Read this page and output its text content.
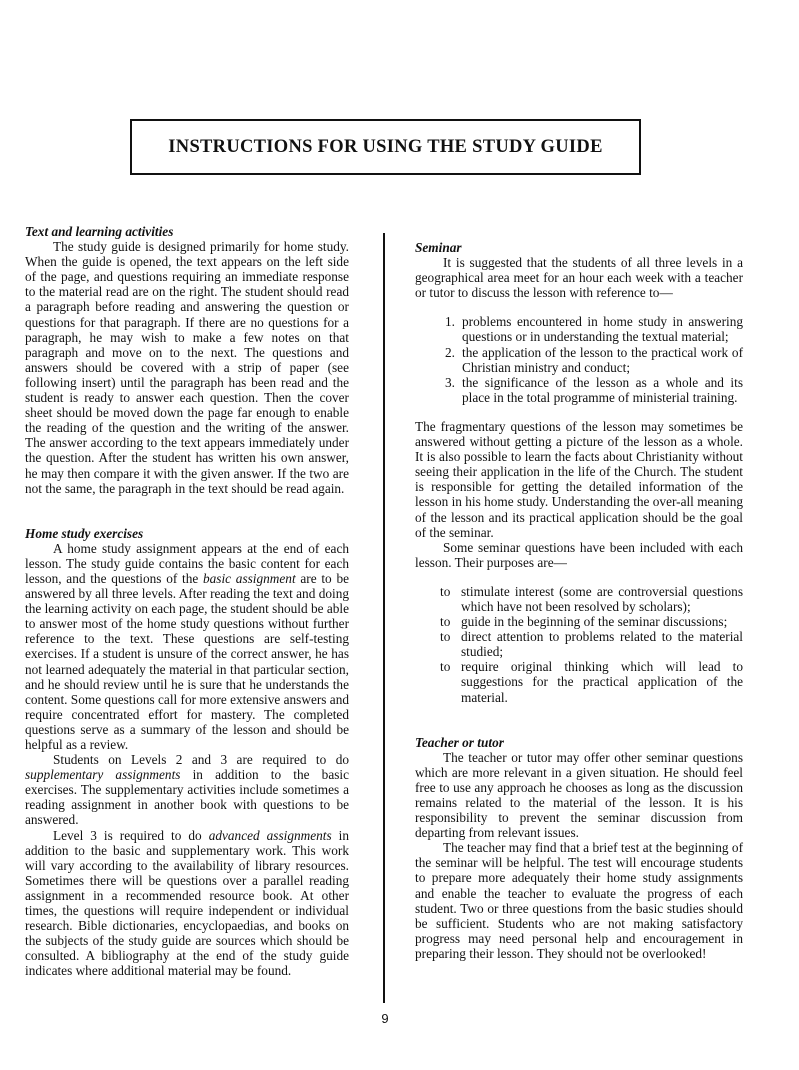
INSTRUCTIONS FOR USING THE STUDY GUIDE
Text and learning activities

The study guide is designed primarily for home study. When the guide is opened, the text appears on the left side of the page, and questions requiring an immediate response to the material read are on the right. The student should read a paragraph before reading and answering the question or questions for that paragraph. If there are no questions for a paragraph, he may wish to make a few notes on that paragraph and move on to the next. The questions and answers should be covered with a strip of paper (see following insert) until the paragraph has been read and the student is ready to answer each question. Then the cover sheet should be moved down the page far enough to enable the reading of the question and the writing of the answer. The answer according to the text appears immediately under the question. After the student has written his own answer, he may then compare it with the given answer. If the two are not the same, the paragraph in the text should be read again.

Home study exercises

A home study assignment appears at the end of each lesson. The study guide contains the basic content for each lesson, and the questions of the basic assignment are to be answered by all three levels. After reading the text and doing the learning activity on each page, the student should be able to answer most of the home study questions without further reference to the text. These questions are self-testing exercises. If a student is unsure of the correct answer, he has not learned adequately the material in that particular section, and he should review until he is sure that he understands the content. Some questions call for more extensive answers and require concentrated effort for mastery. The completed questions serve as a summary of the lesson and should be helpful as a review.

Students on Levels 2 and 3 are required to do supplementary assignments in addition to the basic exercises. The supplementary activities include sometimes a reading assignment in another book with questions to be answered.

Level 3 is required to do advanced assignments in addition to the basic and supplementary work. This work will vary according to the availability of library resources. Sometimes there will be questions over a parallel reading assignment in a recommended resource book. At other times, the questions will require independent or individual research. Bible dictionaries, encyclopaedias, and books on the subjects of the study guide are sources which should be consulted. A bibliography at the end of the study guide indicates where additional material may be found.

Seminar

It is suggested that the students of all three levels in a geographical area meet for an hour each week with a teacher or tutor to discuss the lesson with reference to—

1. problems encountered in home study in answering questions or in understanding the textual material;
2. the application of the lesson to the practical work of Christian ministry and conduct;
3. the significance of the lesson as a whole and its place in the total programme of ministerial training.

The fragmentary questions of the lesson may sometimes be answered without getting a picture of the lesson as a whole. It is also possible to learn the facts about Christianity without seeing their application in the life of the Church. The student is responsible for getting the detailed information of the lesson in his home study. Understanding the over-all meaning of the lesson and its practical application should be the goal of the seminar.

Some seminar questions have been included with each lesson. Their purposes are—

to stimulate interest (some are controversial questions which have not been resolved by scholars);
to guide in the beginning of the seminar discussions;
to direct attention to problems related to the material studied;
to require original thinking which will lead to suggestions for the practical application of the material.
Teacher or tutor

The teacher or tutor may offer other seminar questions which are more relevant in a given situation. He should feel free to use any approach he chooses as long as the discussion remains related to the material of the lesson. It is his responsibility to prevent the seminar discussion from departing from relevant issues.

The teacher may find that a brief test at the beginning of the seminar will be helpful. The test will encourage students to prepare more adequately their home study assignments and enable the teacher to evaluate the progress of each student. Two or three questions from the basic studies should be sufficient. Students who are not making satisfactory progress may need personal help and encouragement in preparing their lesson. They should not be overlooked!

9
